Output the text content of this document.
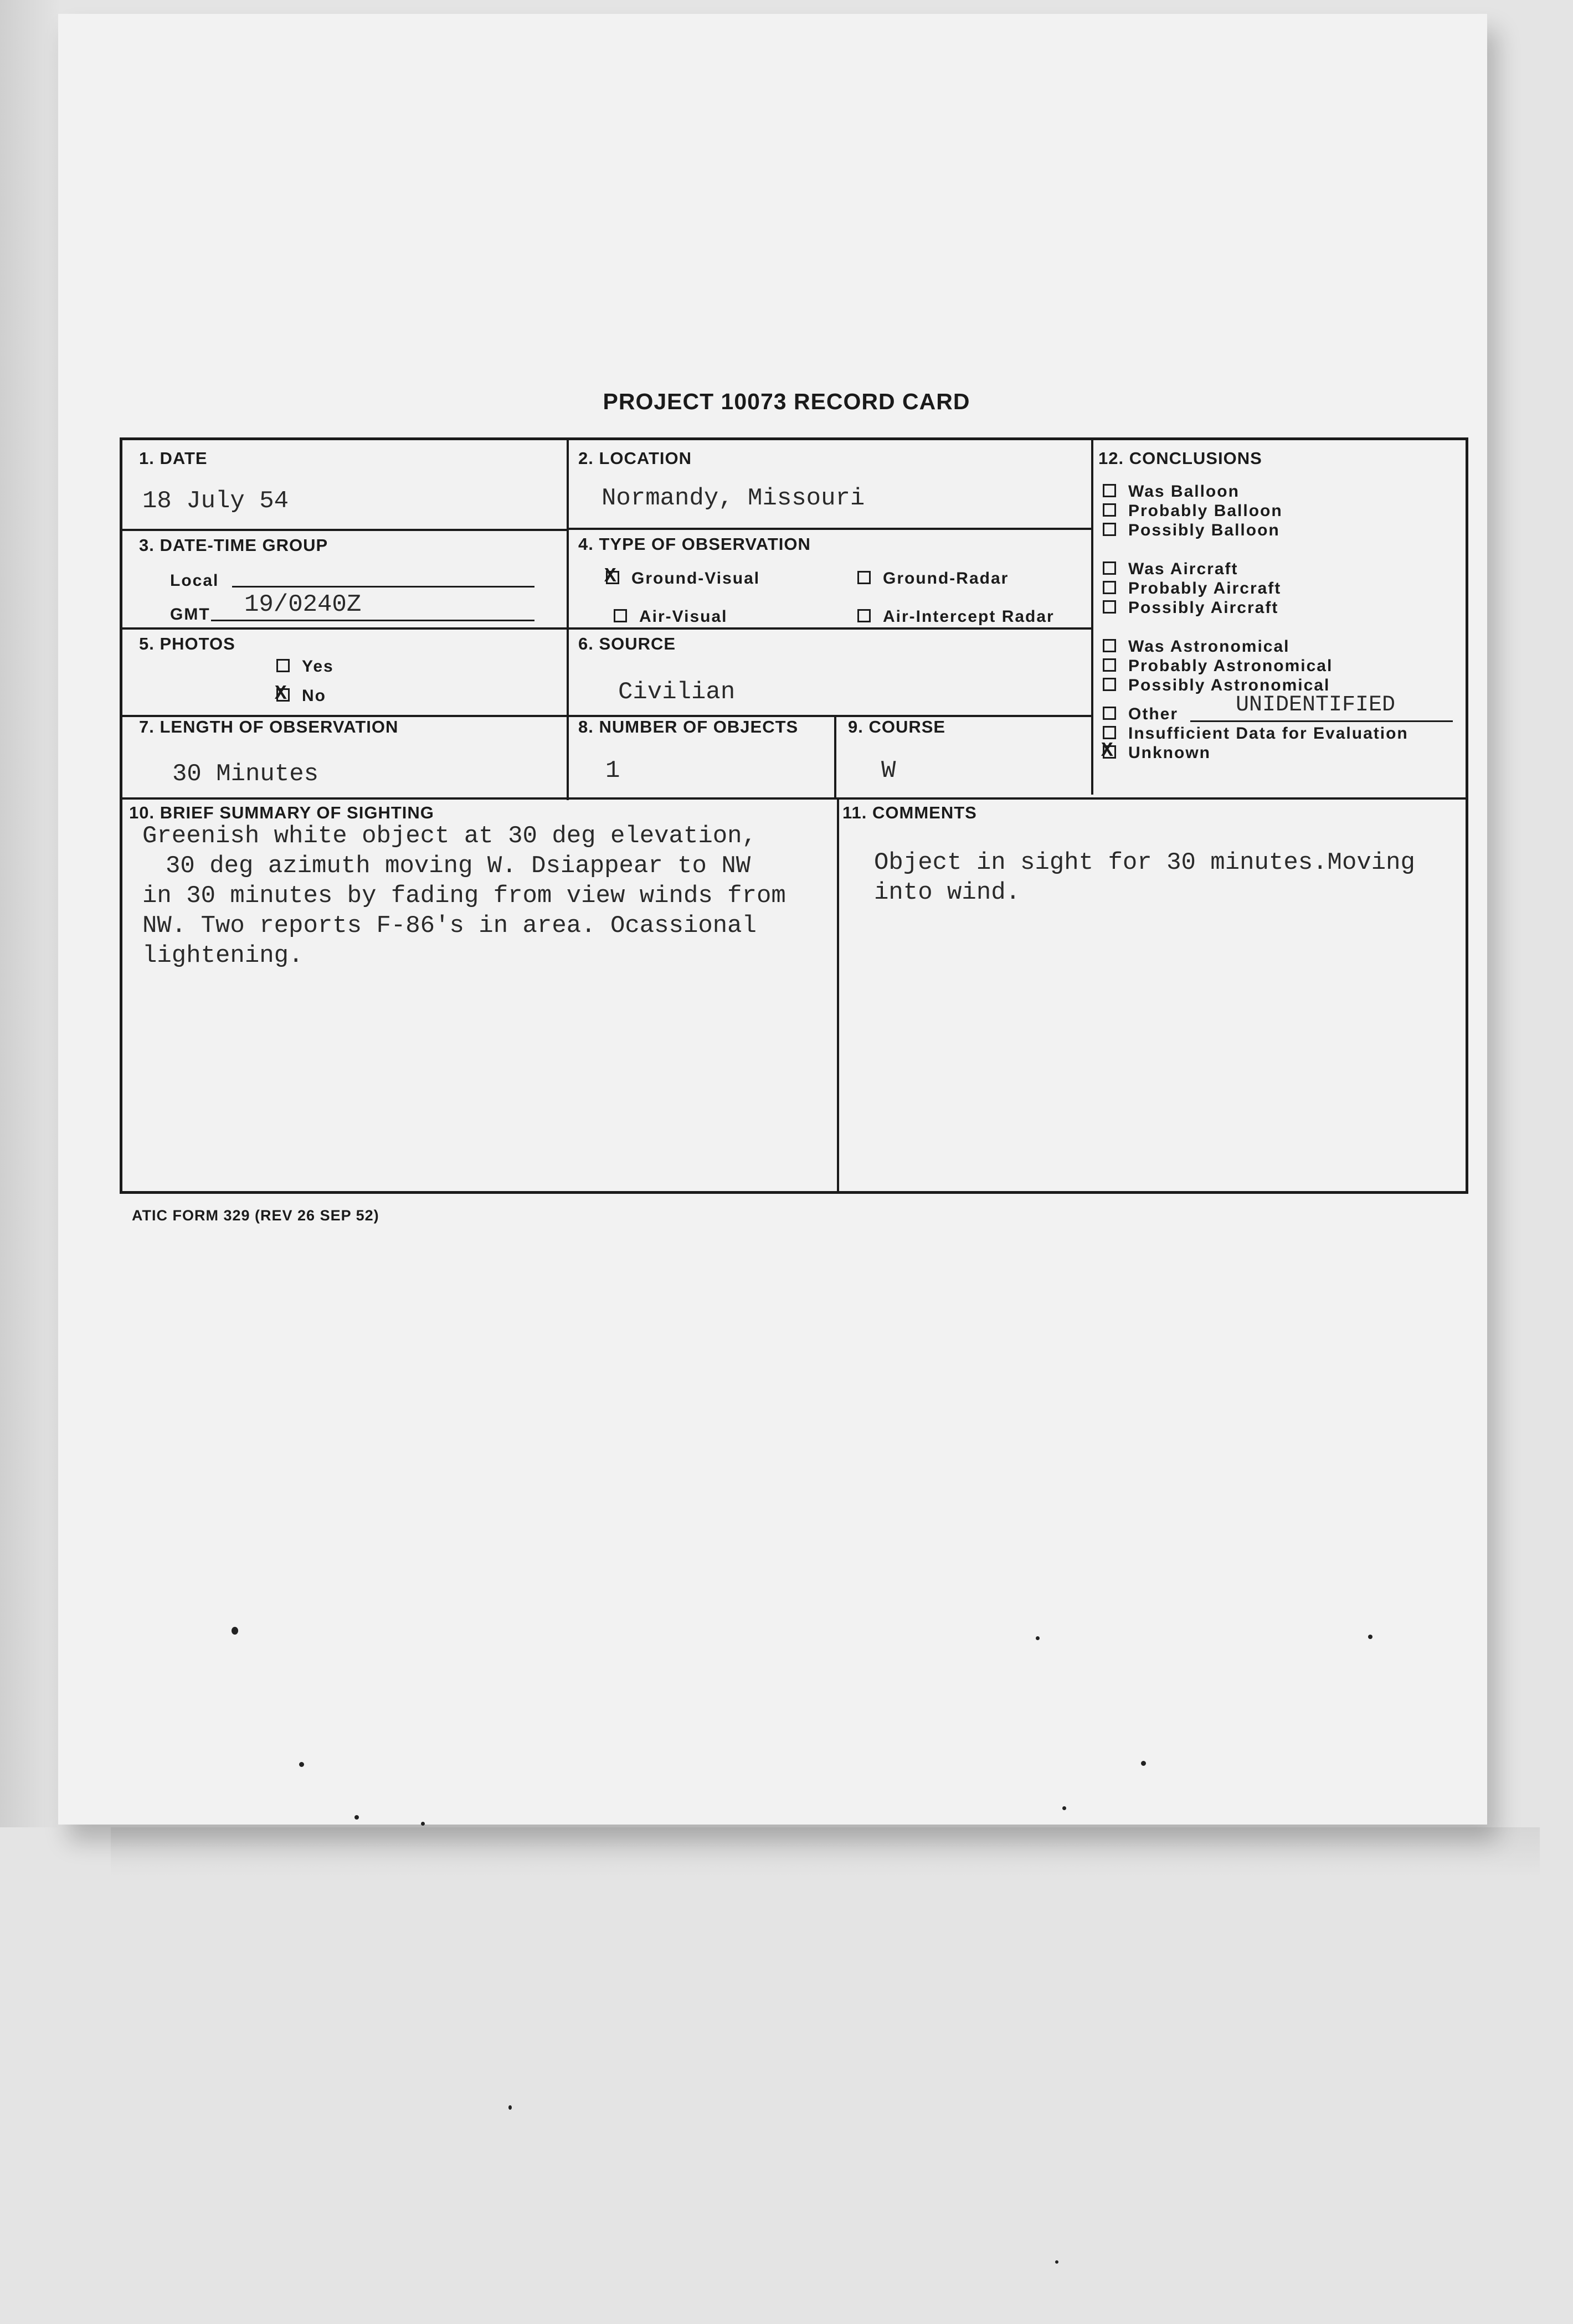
PROJECT 10073 RECORD CARD
1. DATE
18 July 54
2. LOCATION
Normandy, Missouri
3. DATE-TIME GROUP
Local
GMT 19/0240Z
4. TYPE OF OBSERVATION
XGround-Visual	Ground-Radar
Air-Visual	Air-Intercept Radar
5. PHOTOS
Yes
XNo
6. SOURCE
Civilian
7. LENGTH OF OBSERVATION
30 Minutes
8. NUMBER OF OBJECTS
1
9. COURSE
W
12. CONCLUSIONS
Was Balloon
Probably Balloon
Possibly Balloon
Was Aircraft
Probably Aircraft
Possibly Aircraft
Was Astronomical
Probably Astronomical
Possibly Astronomical
Other	UNIDENTIFIED
Insufficient Data for Evaluation
XUnknown
10. BRIEF SUMMARY OF SIGHTING
Greenish white object at 30 deg elevation,
30 deg azimuth moving W. Dsiappear to NW
in 30 minutes by fading from view winds from
NW. Two reports F-86's in area. Ocassional
lightening.
11. COMMENTS
Object in sight for 30 minutes.Moving
into wind.
ATIC FORM 329 (REV 26 SEP 52)
